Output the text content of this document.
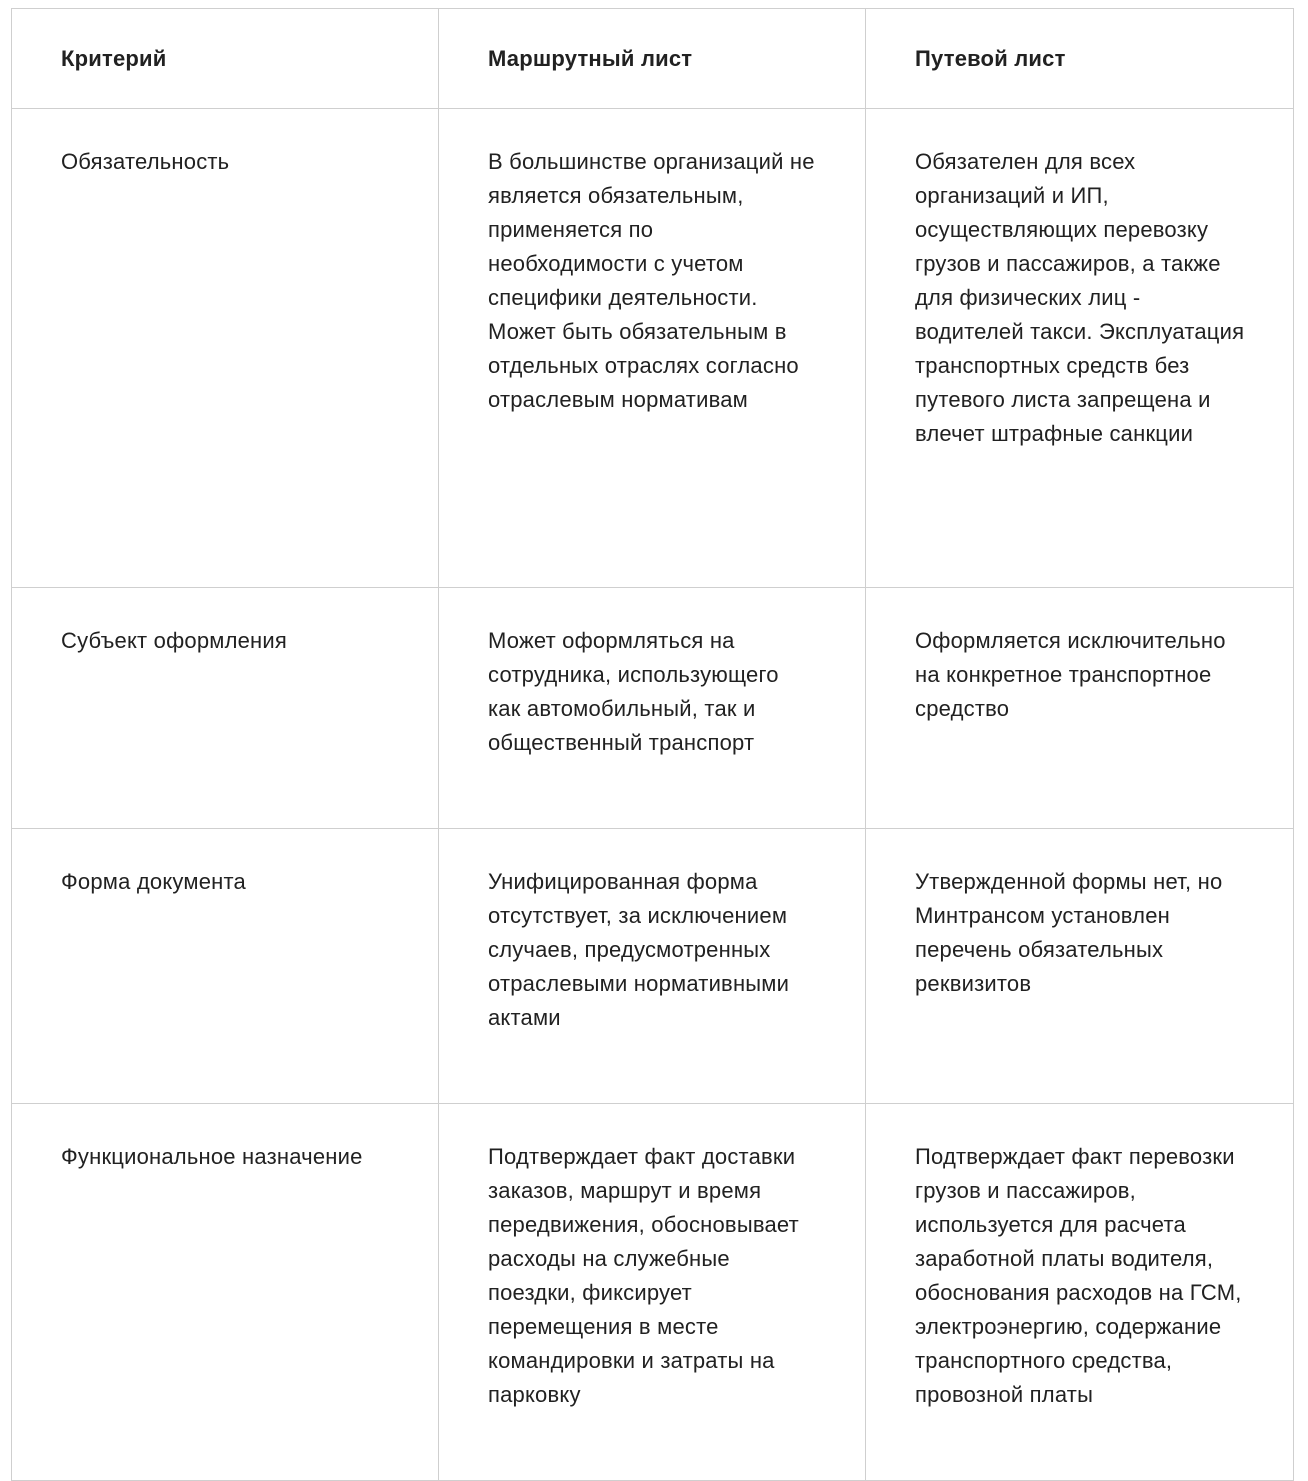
Критерий	Маршрутный лист	Путевой лист

Обязательность	В большинстве организаций не является обязательным, применяется по необходимости с учетом специфики деятельности. Может быть обязательным в отдельных отраслях согласно отраслевым нормативам	Обязателен для всех организаций и ИП, осуществляющих перевозку грузов и пассажиров, а также для физических лиц - водителей такси. Эксплуатация транспортных средств без путевого листа запрещена и влечет штрафные санкции

Субъект оформления	Может оформляться на сотрудника, использующего как автомобильный, так и общественный транспорт	Оформляется исключительно на конкретное транспортное средство

Форма документа	Унифицированная форма отсутствует, за исключением случаев, предусмотренных отраслевыми нормативными актами	Утвержденной формы нет, но Минтрансом установлен перечень обязательных реквизитов

Функциональное назначение	Подтверждает факт доставки заказов, маршрут и время передвижения, обосновывает расходы на служебные поездки, фиксирует перемещения в месте командировки и затраты на парковку	Подтверждает факт перевозки грузов и пассажиров, используется для расчета заработной платы водителя, обоснования расходов на ГСМ, электроэнергию, содержание транспортного средства, провозной платы
